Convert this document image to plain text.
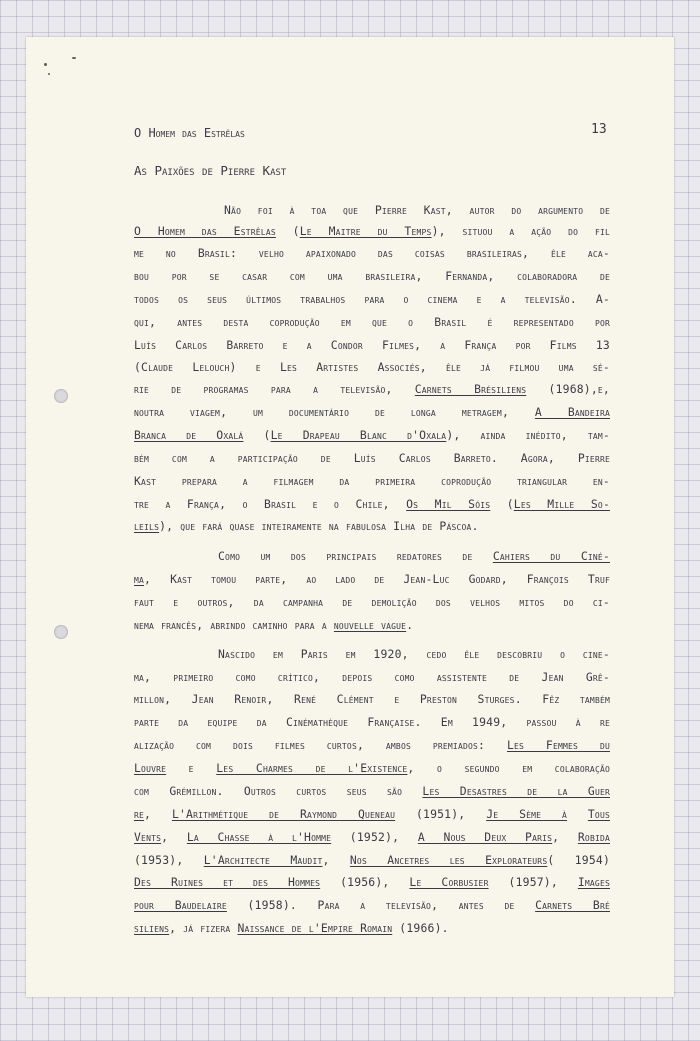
O Homem das Estrêlas	13
As Paixões de Pierre Kast
Não foi à toa que Pierre Kast, autor do argumento de
O Homem das Estrêlas (Le Maitre du Temps), situou a ação do fil
me no Brasil: velho apaixonado das coisas brasileiras, êle aca-
bou por se casar com uma brasileira, Fernanda, colaboradora de
todos os seus últimos trabalhos para o cinema e a televisão. A-
qui, antes desta coprodução em que o Brasil é representado por
Luís Carlos Barreto e a Condor Filmes, a França por Films 13
(Claude Lelouch) e Les Artistes Associés, êle já filmou uma sé-
rie de programas para a televisão, Carnets Brésiliens (1968),e,
noutra viagem, um documentário de longa metragem, A Bandeira
Branca de Oxalá (Le Drapeau Blanc d'Oxala), ainda inédito, tam-
bém com a participação de Luís Carlos Barreto. Agora, Pierre
Kast prepara a filmagem da primeira coprodução triangular en-
tre a França, o Brasil e o Chile, Os Mil Sóis (Les Mille So-
leils), que fará quase inteiramente na fabulosa Ilha de Páscoa.
Como um dos principais redatores de Cahiers du Ciné-
ma, Kast tomou parte, ao lado de Jean-Luc Godard, François Truf
faut e outros, da campanha de demolição dos velhos mitos do ci-
nema francês, abrindo caminho para a nouvelle vague.
Nascido em Paris em 1920, cedo êle descobriu o cine-
ma, primeiro como crítico, depois como assistente de Jean Grê-
millon, Jean Renoir, René Clément e Preston Sturges. Fêz também
parte da equipe da Cinémathèque Française. Em 1949, passou à re
alização com dois filmes curtos, ambos premiados: Les Femmes du
Louvre e Les Charmes de l'Existence, o segundo em colaboração
com Grémillon. Outros curtos seus são Les Desastres de la Guer
re, L'Arithmétique de Raymond Queneau (1951), Je Sème à Tous
Vents, La Chasse à l'Homme (1952), A Nous Deux Paris, Robida
(1953), L'Architecte Maudit, Nos Ancetres les Explorateurs( 1954)
Des Ruines et des Hommes (1956), Le Corbusier (1957), Images
pour Baudelaire (1958). Para a televisão, antes de Carnets Bré
siliens, já fizera Naissance de l'Empire Romain (1966).
